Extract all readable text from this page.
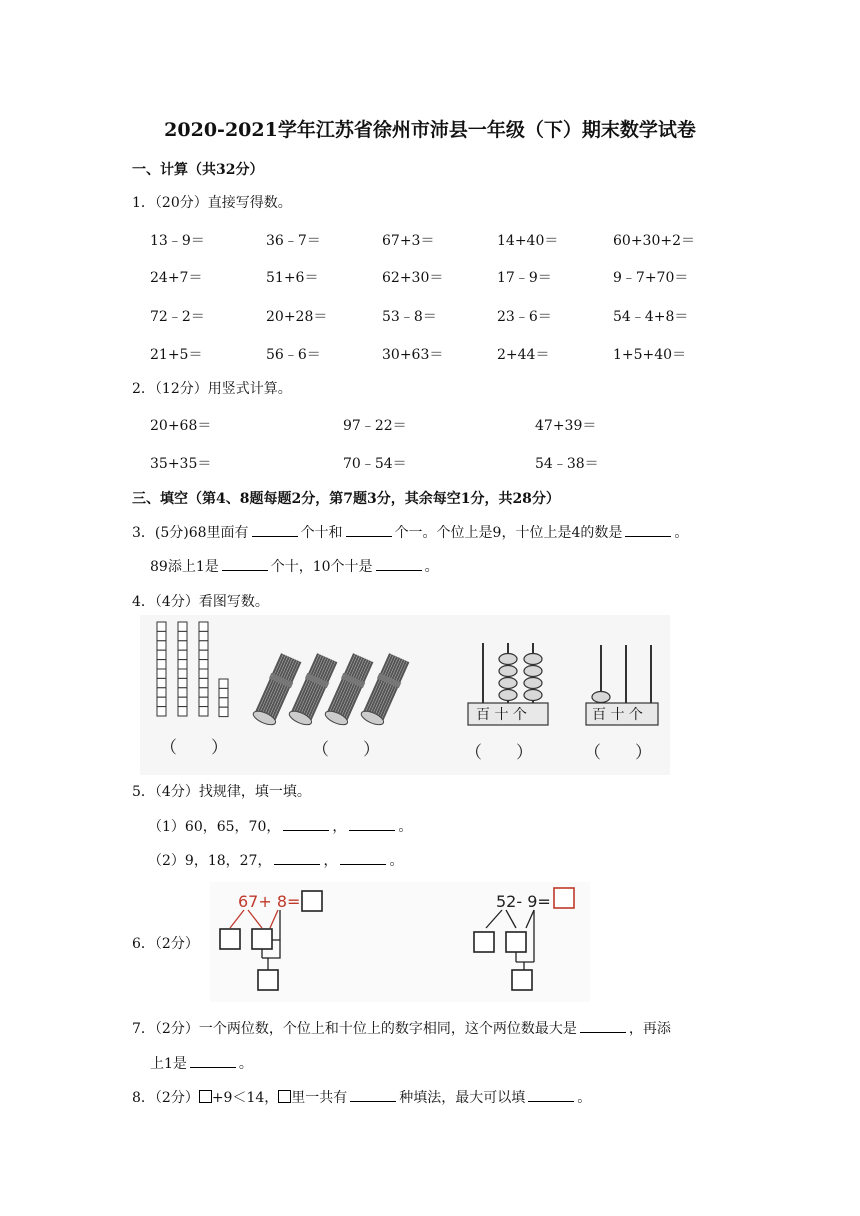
2020-2021学年江苏省徐州市沛县一年级（下）期末数学试卷
一、计算（共32分）
1．（20分）直接写得数。
13﹣9＝	36﹣7＝	67+3＝	14+40＝	60+30+2＝
24+7＝	51+6＝	62+30＝	17﹣9＝	9﹣7+70＝
72﹣2＝	20+28＝	53﹣8＝	23﹣6＝	54﹣4+8＝
21+5＝	56﹣6＝	30+63＝	2+44＝	1+5+40＝
2．（12分）用竖式计算。
20+68＝	97﹣22＝	47+39＝
35+35＝	70﹣54＝	54﹣38＝
三、填空（第4、8题每题2分，第7题3分，其余每空1分，共28分）
3．(5分)68里面有	个十和	个一。个位上是9，十位上是4的数是	。
89添上1是	个十，10个十是	。
4．（4分）看图写数。
（　　）	（　　）
百 十 个
（　　）
百 十 个
（　　）
5．（4分）找规律，填一填。
（1）60，65，70，	，	。
（2）9，18，27，	，	。
6．（2分）
67+ 8=	52- 9=
7．（2分）一个两位数，个位上和十位上的数字相同，这个两位数最大是	，再添
上1是	。
8．（2分） +9＜14， 里一共有	种填法，最大可以填	。
